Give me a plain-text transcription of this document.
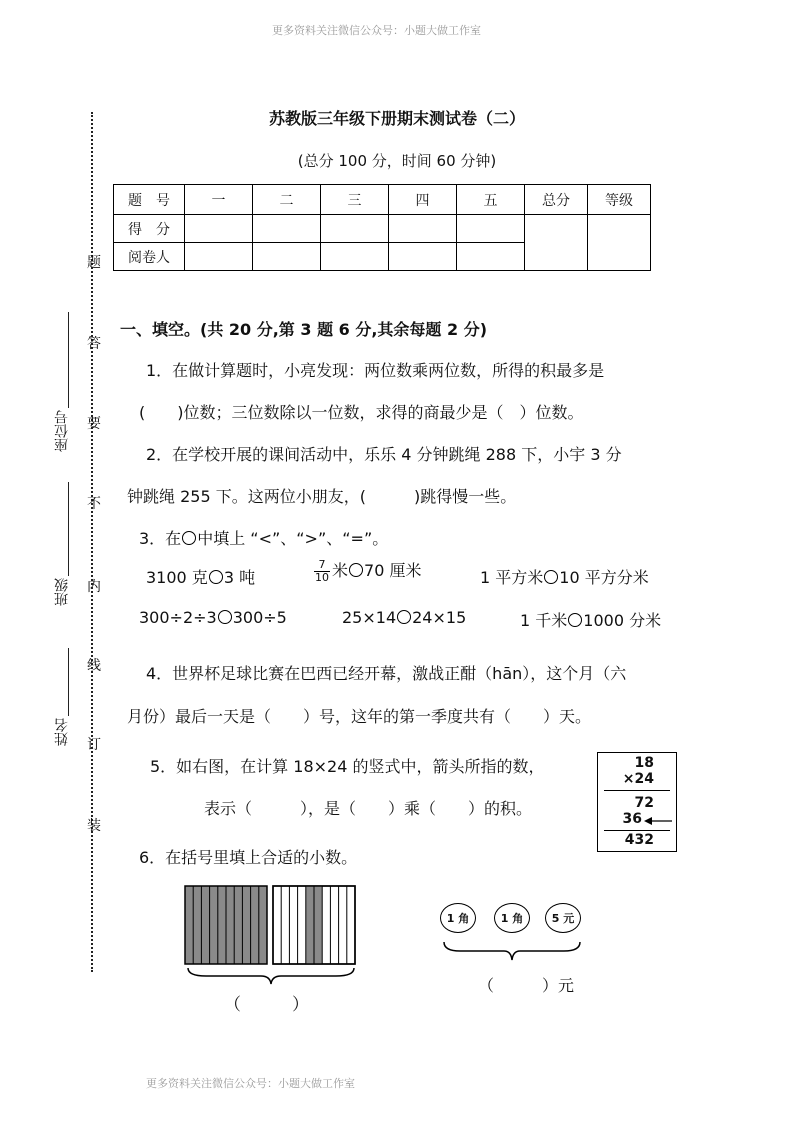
更多资料关注微信公众号：小题大做工作室
苏教版三年级下册期末测试卷（二）
(总分 100 分，时间 60 分钟)
题　号	一	二	三	四	五	总分	等级
得　分							
阅卷人							
题
答
要
不
内
线
订
装
座位号
班级
姓名
一、填空。(共 20 分,第 3 题 6 分,其余每题 2 分)
1．在做计算题时，小亮发现：两位数乘两位数，所得的积最多是
(　　)位数；三位数除以一位数，求得的商最少是（　）位数。
2．在学校开展的课间活动中，乐乐 4 分钟跳绳 288 下，小宇 3 分
钟跳绳 255 下。这两位小朋友，(　　　)跳得慢一些。
3．在 中填上 “<”、“>”、“=”。
3100 克 3 吨	$\frac{7}{10}$ 米 70 厘米	1 平方米 10 平方分米
300÷2÷3 300÷5	25×14 24×15	1 千米 1000 分米
4．世界杯足球比赛在巴西已经开幕，激战正酣（hān），这个月（六
月份）最后一天是（　　）号，这年的第一季度共有（　　）天。
5．如右图，在计算 18×24 的竖式中，箭头所指的数，
表示（　　　），是（　　）乘（　　）的积。
18
×24
72
36
432
6．在括号里填上合适的小数。
（　　　）
1 角	1 角	5 元
（　　　）元
更多资料关注微信公众号：小题大做工作室
